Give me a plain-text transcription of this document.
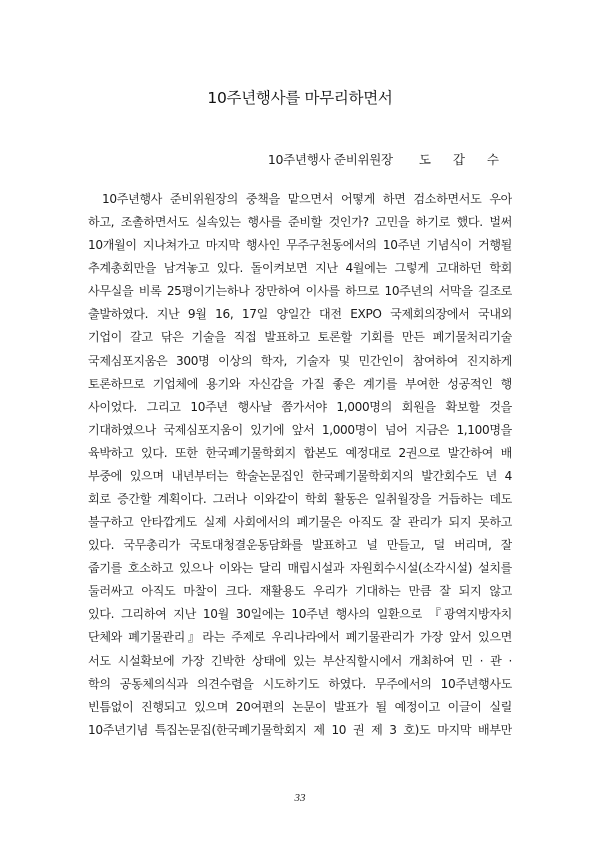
10주년행사를 마무리하면서
10주년행사 준비위원장 도 갑 수
10주년행사 준비위원장의 중책을 맡으면서 어떻게 하면 검소하면서도 우아
하고, 조촐하면서도 실속있는 행사를 준비할 것인가? 고민을 하기로 했다. 벌써
10개월이 지나쳐가고 마지막 행사인 무주구천동에서의 10주년 기념식이 거행될
추계총회만을 남겨놓고 있다. 돌이켜보면 지난 4월에는 그렇게 고대하던 학회
사무실을 비록 25평이기는하나 장만하여 이사를 하므로 10주년의 서막을 길조로
출발하였다. 지난 9월 16, 17일 양일간 대전 EXPO 국제회의장에서 국내외
기업이 갈고 닦은 기술을 직접 발표하고 토론할 기회를 만든 폐기물처리기술
국제심포지움은 300명 이상의 학자, 기술자 및 민간인이 참여하여 진지하게
토론하므로 기업체에 용기와 자신감을 가질 좋은 계기를 부여한 성공적인 행
사이었다. 그리고 10주년 행사날 쯤가서야 1,000명의 회원을 확보할 것을
기대하였으나 국제심포지움이 있기에 앞서 1,000명이 넘어 지금은 1,100명을
육박하고 있다. 또한 한국폐기물학회지 합본도 예정대로 2권으로 발간하여 배
부중에 있으며 내년부터는 학술논문집인 한국폐기물학회지의 발간회수도 년 4
회로 증간할 계획이다. 그러나 이와같이 학회 활동은 일취월장을 거듭하는 데도
불구하고 안타깝게도 실제 사회에서의 폐기물은 아직도 잘 관리가 되지 못하고
있다. 국무총리가 국토대청결운동담화를 발표하고 널 만들고, 덜 버리며, 잘
줍기를 호소하고 있으나 이와는 달리 매립시설과 자원회수시설(소각시설) 설치를
둘러싸고 아직도 마찰이 크다. 재활용도 우리가 기대하는 만큼 잘 되지 않고
있다. 그리하여 지난 10월 30일에는 10주년 행사의 일환으로 『광역지방자치
단체와 폐기물관리』라는 주제로 우리나라에서 폐기물관리가 가장 앞서 있으면
서도 시설확보에 가장 긴박한 상태에 있는 부산직할시에서 개최하여 민 · 관 ·
학의 공동체의식과 의견수렴을 시도하기도 하였다. 무주에서의 10주년행사도
빈틈없이 진행되고 있으며 20여편의 논문이 발표가 될 예정이고 이글이 실릴
10주년기념 특집논문집(한국폐기물학회지 제 10 권 제 3 호)도 마지막 배부만
33
